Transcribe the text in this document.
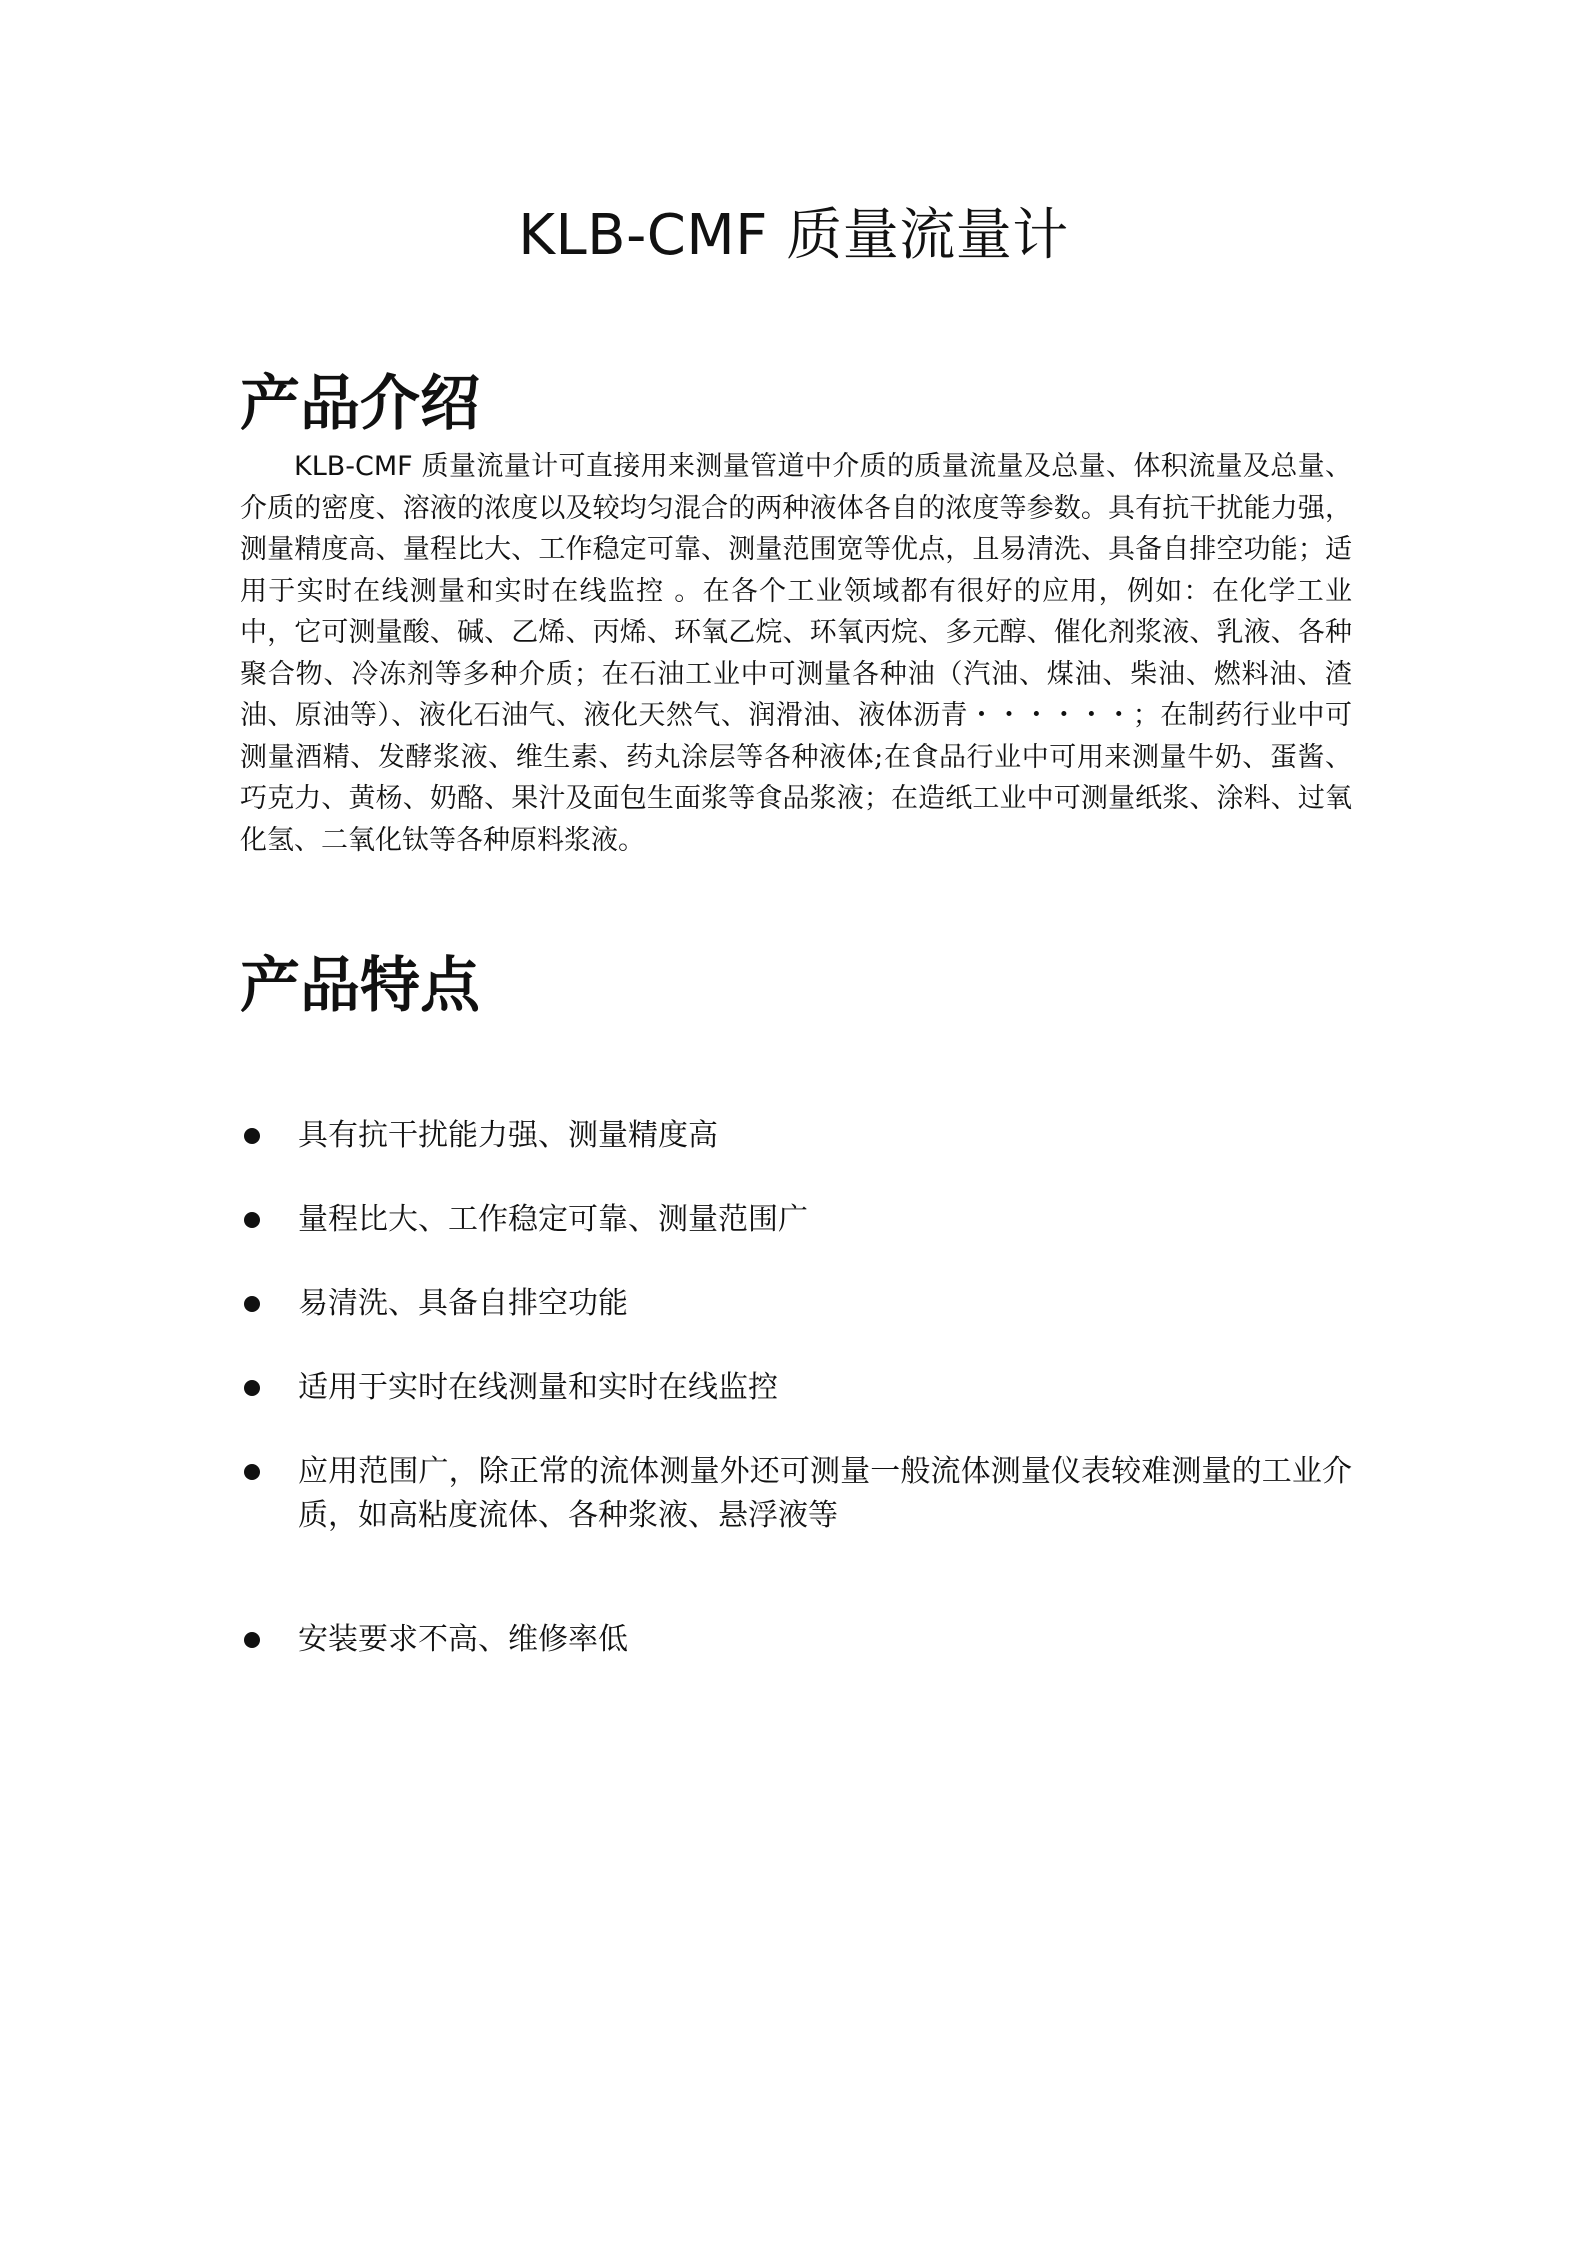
KLB-CMF 质量流量计
产品介绍

KLB-CMF 质量流量计可直接用来测量管道中介质的质量流量及总量、体积流量及总量、介质的密度、溶液的浓度以及较均匀混合的两种液体各自的浓度等参数。具有抗干扰能力强，测量精度高、量程比大、工作稳定可靠、测量范围宽等优点，且易清洗、具备自排空功能；适用于实时在线测量和实时在线监控 。在各个工业领域都有很好的应用，例如：在化学工业中，它可测量酸、碱、乙烯、丙烯、环氧乙烷、环氧丙烷、多元醇、催化剂浆液、乳液、各种聚合物、冷冻剂等多种介质；在石油工业中可测量各种油（汽油、煤油、柴油、燃料油、渣油、原油等）、液化石油气、液化天然气、润滑油、液体沥青・・・・・・；在制药行业中可测量酒精、发酵浆液、维生素、药丸涂层等各种液体;在食品行业中可用来测量牛奶、蛋酱、巧克力、黄杨、奶酪、果汁及面包生面浆等食品浆液；在造纸工业中可测量纸浆、涂料、过氧化氢、二氧化钛等各种原料浆液。

产品特点
具有抗干扰能力强、测量精度高
量程比大、工作稳定可靠、测量范围广
易清洗、具备自排空功能
适用于实时在线测量和实时在线监控
应用范围广，除正常的流体测量外还可测量一般流体测量仪表较难测量的工业介质，如高粘度流体、各种浆液、悬浮液等
安装要求不高、维修率低
